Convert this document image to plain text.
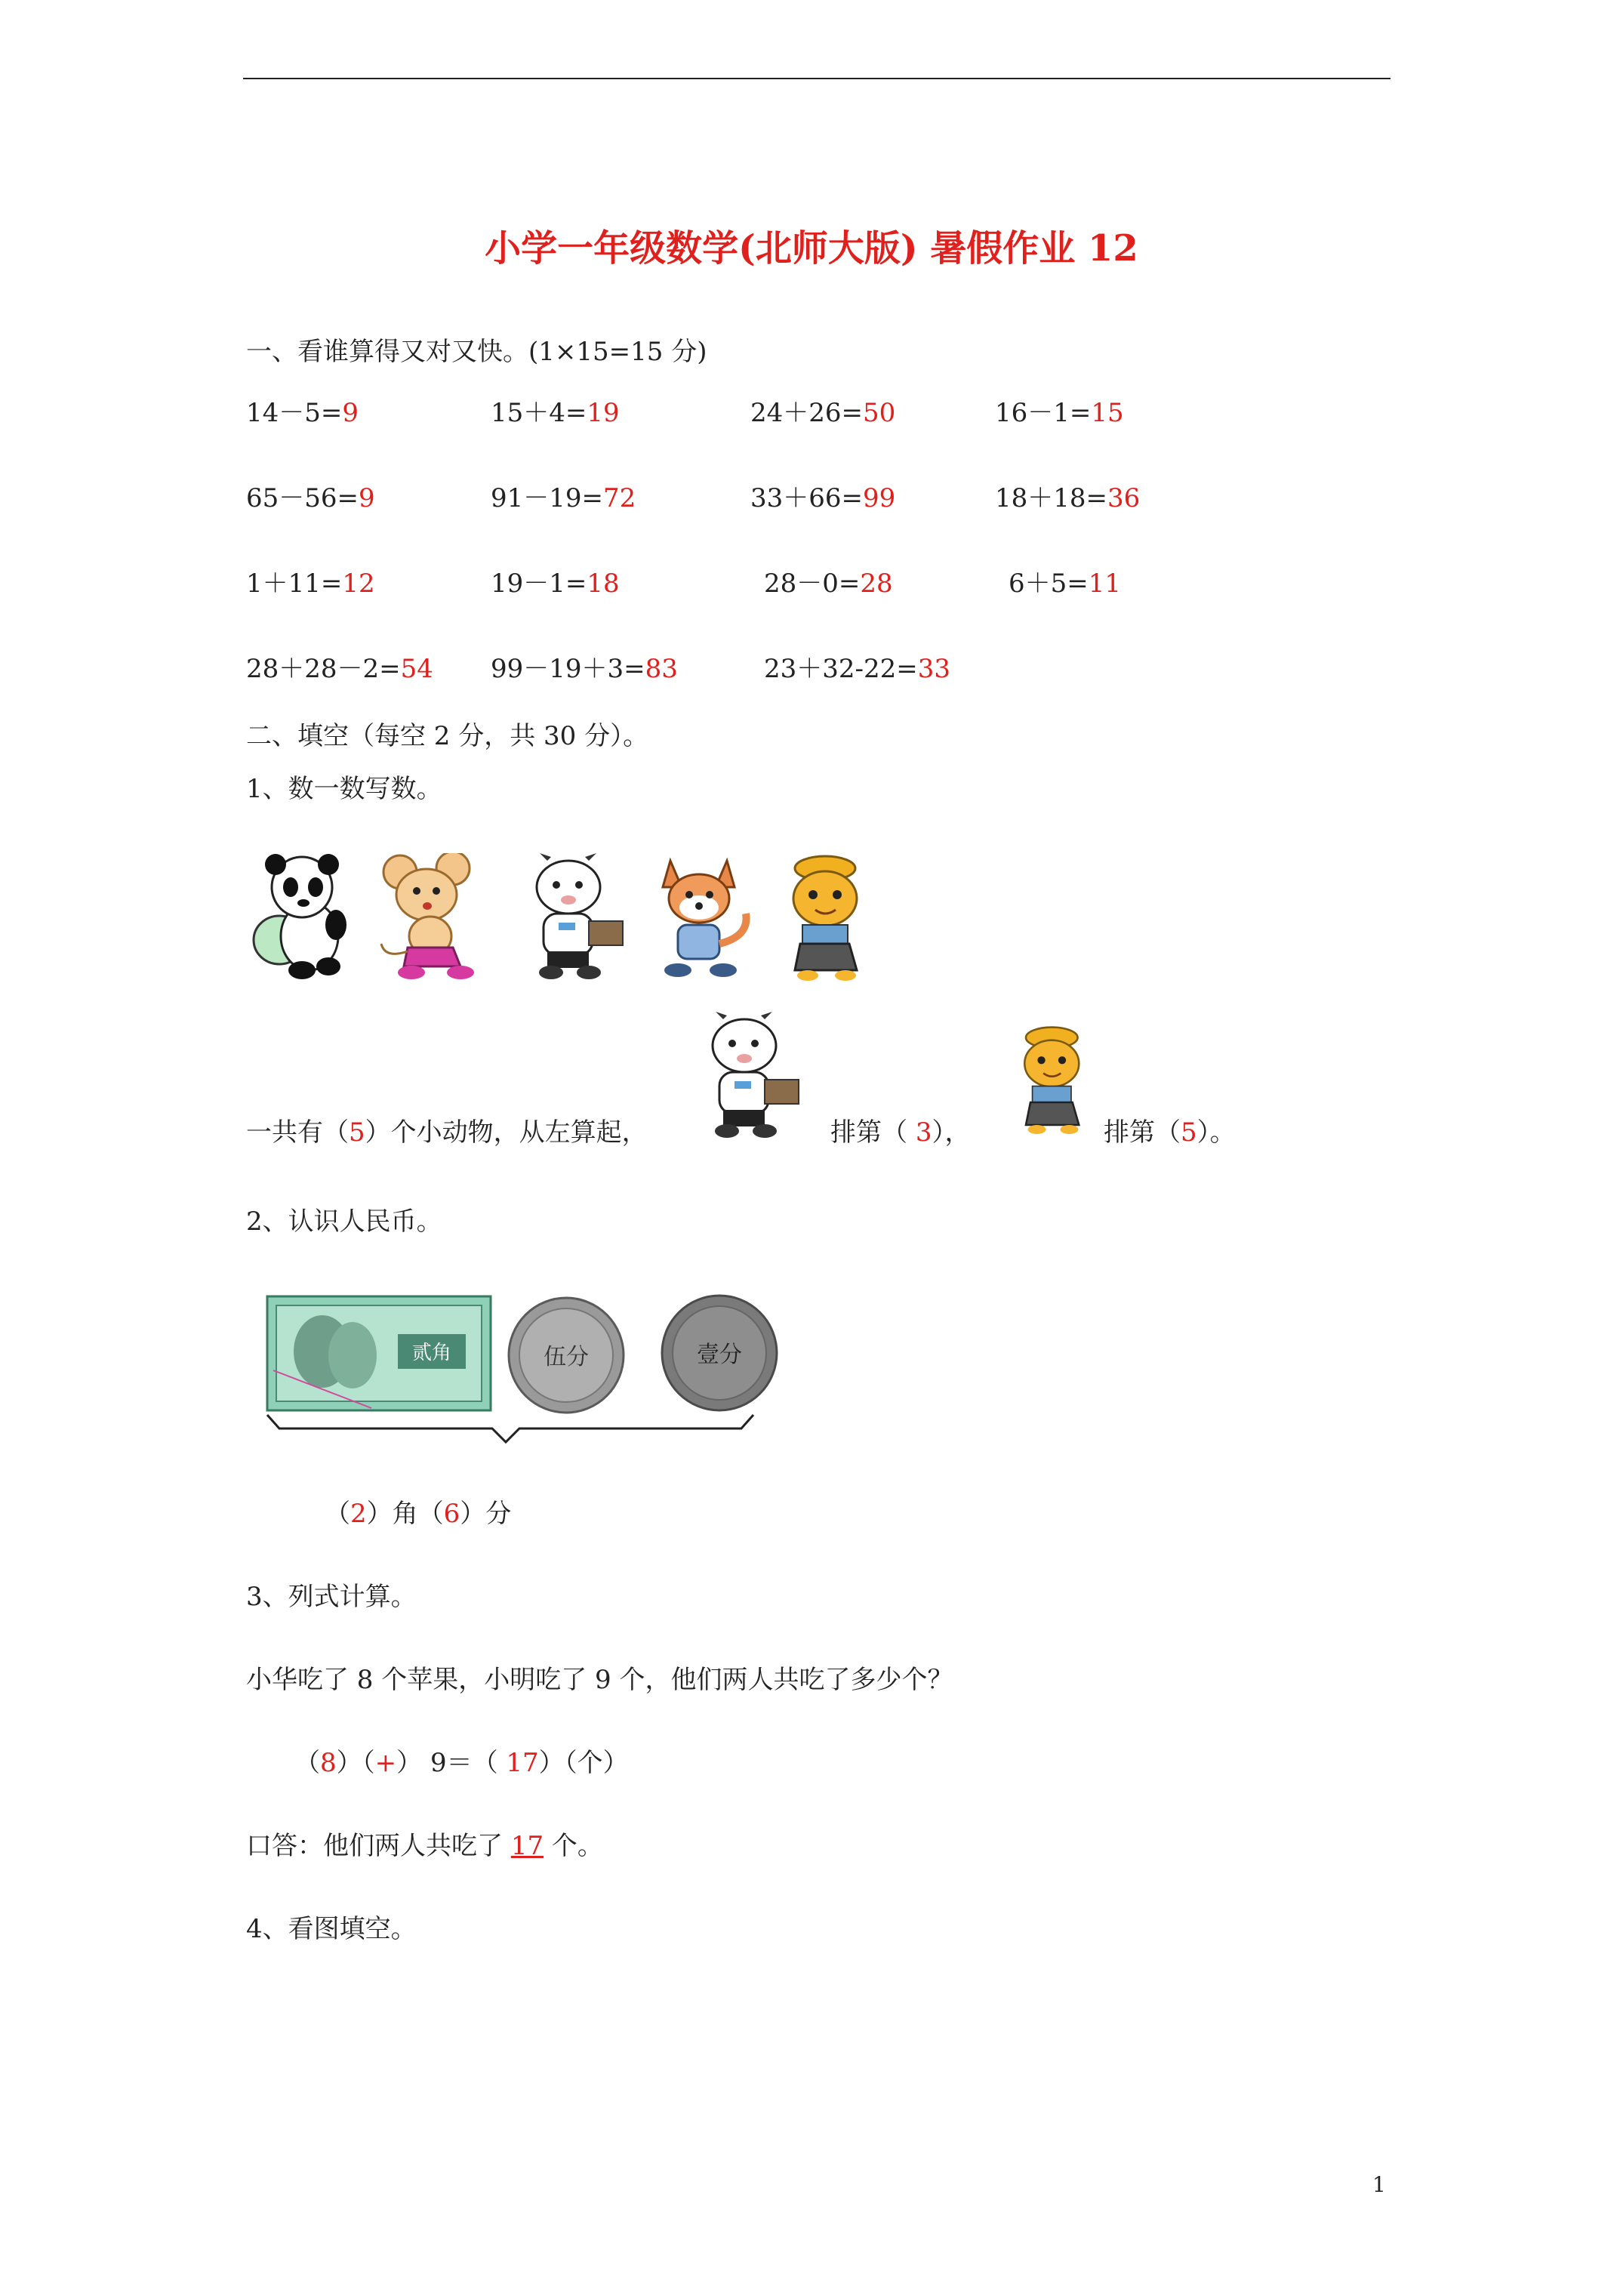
小学一年级数学(北师大版) 暑假作业 12
一、看谁算得又对又快。(1×15=15 分)
14－5=9	15＋4=19	24＋26=50	16－1=15
65－56=9	91－19=72	33＋66=99	18＋18=36
1＋11=12	19－1=18	28－0=28	6＋5=11
28＋28－2=54 99－19＋3=83	23＋32-22=33
二、填空（每空 2 分，共 30 分）。
1、数一数写数。
一共有（5）个小动物，从左算起，	排第（ 3），	排第（5）。
2、认识人民币。
贰角	伍分	壹分
（2）角（6）分
3、列式计算。
小华吃了 8 个苹果，小明吃了 9 个，他们两人共吃了多少个？
（8）（+） 9＝（ 17）（个）
口答：他们两人共吃了 17 个。
4、看图填空。
1
